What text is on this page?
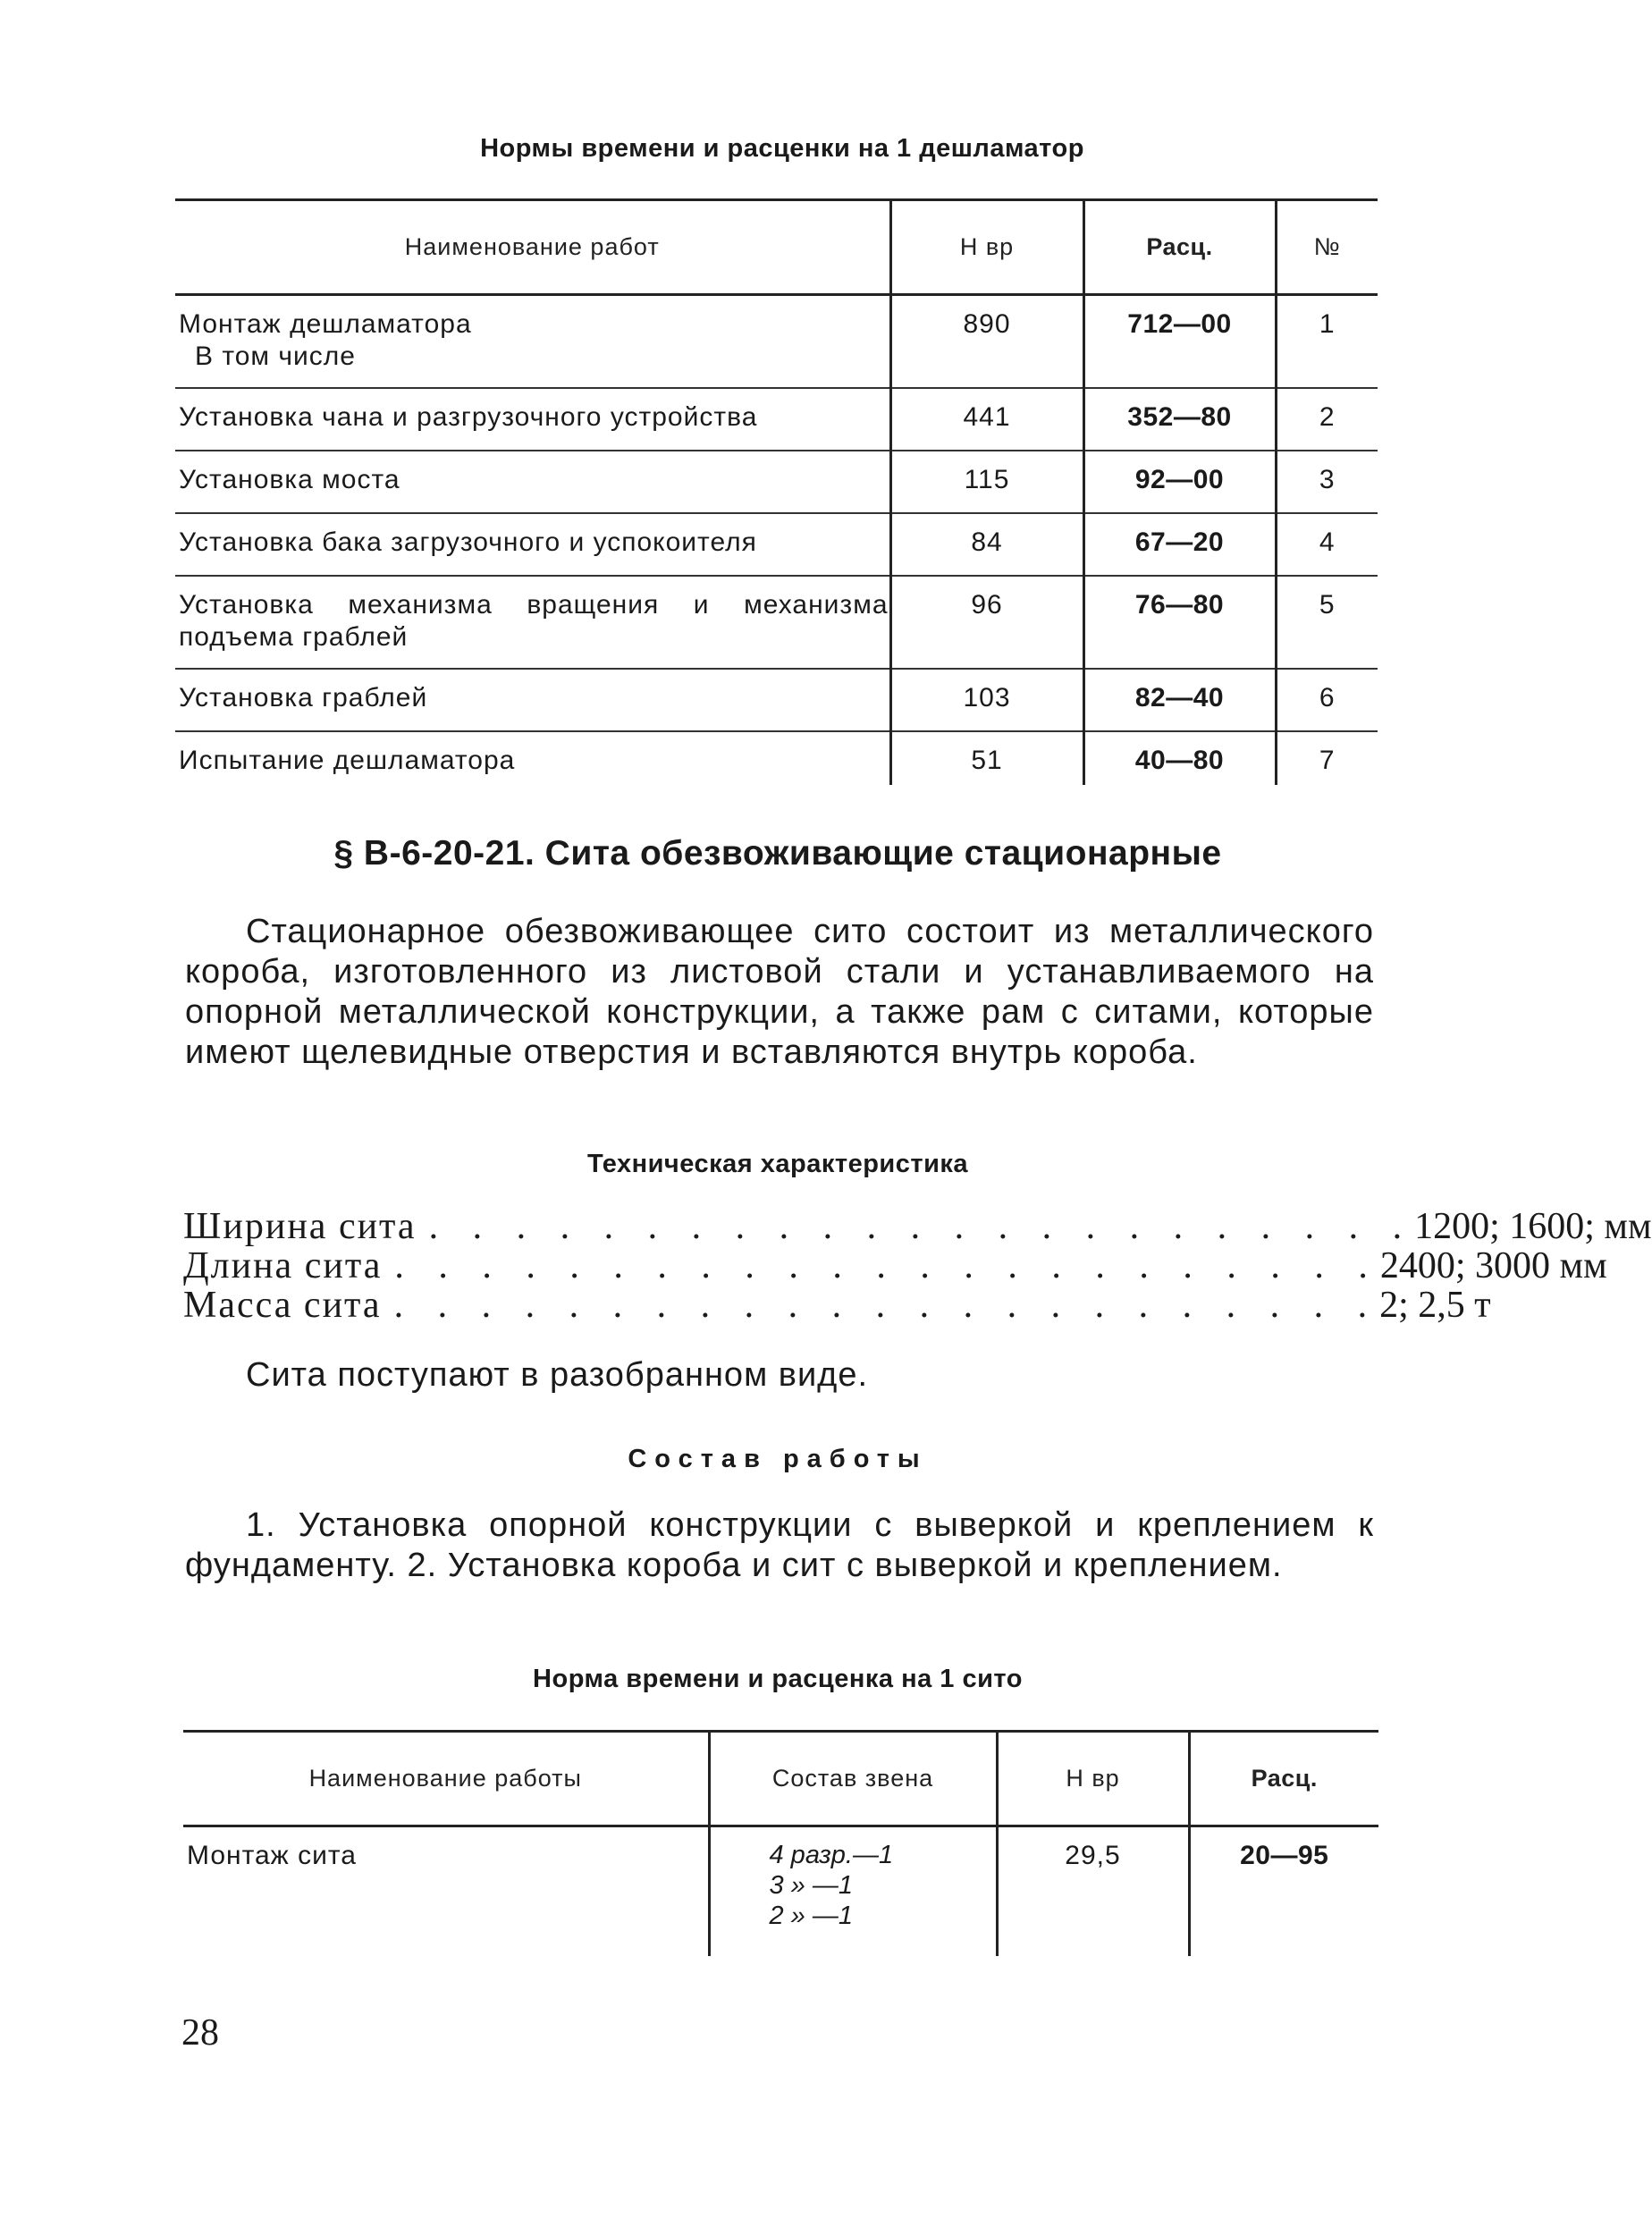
Нормы времени и расценки на 1 дешламатор
Наименование работ	Н вр	Расц.	№

Монтаж дешламатора
В том числе	890	712—00	1
Установка чана и разгрузочного устройства	441	352—80	2
Установка моста	115	92—00	3
Установка бака загрузочного и успокоителя	84	67—20	4
Установка механизма вращения и механизма подъема граблей	96	76—80	5
Установка граблей	103	82—40	6
Испытание дешламатора	51	40—80	7
§ В-6-20-21. Сита обезвоживающие стационарные
Стационарное обезвоживающее сито состоит из металлического короба, изготовленного из листовой стали и устанавливаемого на опорной металлической конструкции, а также рам с ситами, которые имеют щелевидные отверстия и вставляются внутрь короба.
Техническая характеристика
Ширина сита . . . . . . . . . . . . . . . . . . . . . . . 1200; 1600; мм
Длина сита . . . . . . . . . . . . . . . . . . . . . . . 2400; 3000 мм
Масса сита . . . . . . . . . . . . . . . . . . . . . . . 2; 2,5 т
Сита поступают в разобранном виде.
Состав работы
1. Установка опорной конструкции с выверкой и креплением к фундаменту. 2. Установка короба и сит с выверкой и креплением.
Норма времени и расценка на 1 сито
Наименование работы	Состав звена	Н вр	Расц.
Монтаж сита	4 разр.—1
3 » —1
2 » —1	29,5	20—95
28
